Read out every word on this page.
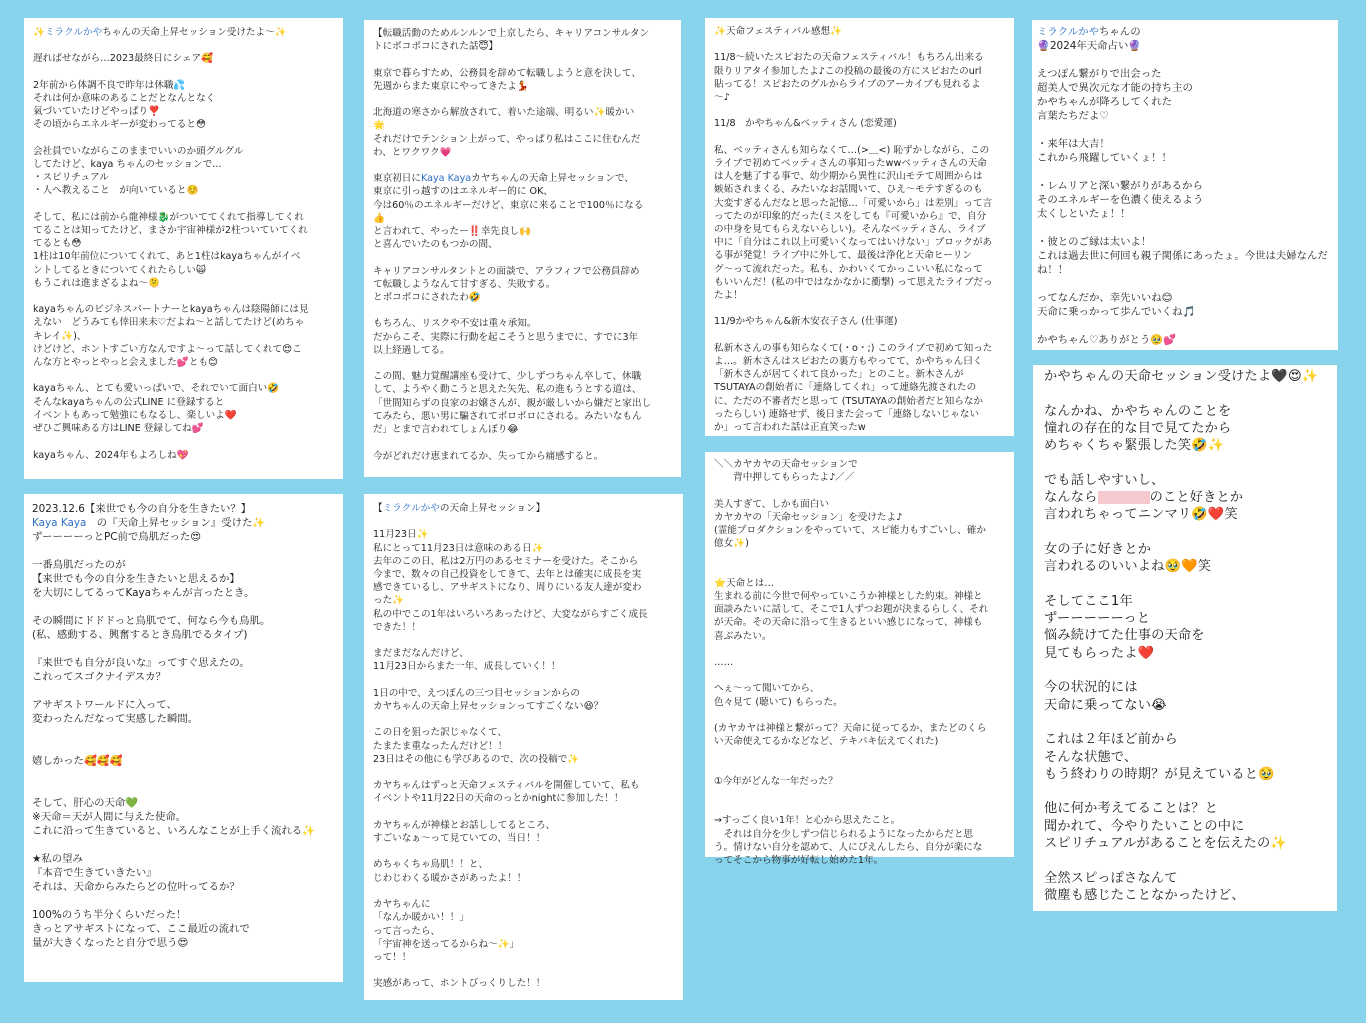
✨ミラクルかやちゃんの天命上昇セッション受けたよ〜✨

遅ればせながら…2023最終日にシェア🥰

2年前から体調不良で昨年は休職💦
それは何か意味のあることだとなんとなく
氣づいていたけどやっぱり❣️
その頃からエネルギーが変わってると😳

会社員でいながらこのままでいいのか頭グルグル
してたけど、kaya ちゃんのセッションで…
・スピリチュアル
・人へ教えること　が向いていると☺️

そして、私には前から龍神様🐉がついててくれて指導してくれ
てることは知ってたけど、まさか宇宙神様が2柱ついていてくれ
てるとも😳
1柱は10年前位についてくれて、あと1柱はkayaちゃんがイベ
ントしてるときについてくれたらしい🙀
もうこれは進まざるよね〜🫠

kayaちゃんのビジネスパートナーとkayaちゃんは陰陽師には見
えない　どうみても倖田来未♡だよね〜と話してたけど(めちゃ
キレイ✨)、
けどけど、ホントすごい方なんですよ〜って話してくれて😍こ
んな方とやっとやっと会えました💕とも😊

kayaちゃん、とても愛いっぱいで、それでいて面白い🤣
そんなkayaちゃんの公式LINE に登録すると
イベントもあって勉強にもなるし、楽しいよ❤️
ぜひご興味ある方はLINE 登録してね💕

kayaちゃん、2024年もよろしね💖
2023.12.6【来世でも今の自分を生きたい？】
Kaya Kaya　の『天命上昇セッション』受けた✨
ずーーーーっとPC前で鳥肌だった😍

一番鳥肌だったのが
【来世でも今の自分を生きたいと思えるか】
を大切にしてるってKayaちゃんが言ったとき。

その瞬間にドドドっと鳥肌でて、何なら今も鳥肌。
(私、感動する、興奮するとき鳥肌でるタイプ)

『来世でも自分が良いな』ってすぐ思えたの。
これってスゴクナイデスカ？

アサギストワールドに入って、
変わったんだなって実感した瞬間。

嬉しかった🥰🥰🥰

そして、肝心の天命💚
※天命＝天が人間に与えた使命。
これに沿って生きていると、いろんなことが上手く流れる✨

★私の望み
『本音で生きていきたい』
それは、天命からみたらどの位叶ってるか？

100%のうち半分くらいだった！
きっとアサギストになって、ここ最近の流れで
量が大きくなったと自分で思う😍
【転職活動のためルンルンで上京したら、キャリアコンサルタン
トにボコボコにされた話😇】

東京で暮らすため、公務員を辞めて転職しようと意を決して、
先週からまた東京にやってきたよ💃

北海道の寒さから解放されて、着いた途端、明るい✨暖かい
🌟
それだけでテンション上がって、やっぱり私はここに住むんだ
わ、とワクワク💗

東京初日にKaya Kayaカヤちゃんの天命上昇セッションで、
東京に引っ越すのはエネルギー的に OK、
今は60％のエネルギーだけど、東京に来ることで100％になる
👍
と言われて、やったー‼️幸先良し🙌
と喜んでいたのもつかの間、

キャリアコンサルタントとの面談で、アラフィフで公務員辞め
て転職しようなんて甘すぎる、失敗する。
とボコボコにされたわ🤣

もちろん、リスクや不安は重々承知。
だからこそ、実際に行動を起こそうと思うまでに、すでに3年
以上経過してる。

この間、魅力覚醒講座も受けて、少しずつちゃん卒して、休職
して、ようやく動こうと思えた矢先、私の進もうとする道は、
「世間知らずの良家のお嬢さんが、親が厳しいから嫌だと家出し
てみたら、悪い男に騙されてボロボロにされる。みたいなもん
だ」とまで言われてしょんぼり😂

今がどれだけ恵まれてるか、失ってから痛感すると。
【ミラクルかやの天命上昇セッション】

11月23日✨
私にとって11月23日は意味のある日✨
去年のこの日、私は2万円のあるセミナーを受けた。そこから
今まで、数々の自己投資をしてきて、去年とは確実に成長を実
感できているし、アサギストになり、周りにいる友人達が変わ
った✨
私の中でこの1年はいろいろあったけど、大変ながらすごく成長
できた！！

まだまだなんだけど、
11月23日からまた一年、成長していく！！

1日の中で、えつぽんの三つ目セッションからの
カヤちゃんの天命上昇セッションってすごくない😆？

この日を狙った訳じゃなくて、
たまたま重なったんだけど！！
23日はその他にも学びあるので、次の投稿で✨

カヤちゃんはずっと天命フェスティバルを開催していて、私も
イベントや11月22日の天命のっとかnightに参加した！！

カヤちゃんが神様とお話ししてるところ、
すごいなぁ〜って見ていての、当日！！

めちゃくちゃ鳥肌！！と、
じわじわくる暖かさがあったよ！！

カヤちゃんに
「なんか暖かい！！」
って言ったら、
「宇宙神を送ってるからね〜✨」
って！！

実感があって、ホントびっくりした！！
✨天命フェスティバル感想✨

11/8〜続いたスピおたの天命フェスティバル！もちろん出来る
限りリアタイ参加したよ♪この投稿の最後の方にスピおたのurl
貼ってる！スピおたのグルからライブのアーカイブも見れるよ
〜♪

11/8　かやちゃん&ベッティさん (恋愛運)

私、ベッティさんも知らなくて…(>＿<) 恥ずかしながら、この
ライブで初めてベッティさんの事知ったwwベッティさんの天命
は人を魅了する事で、幼少期から異性に沢山モテて周囲からは
嫉妬されまくる、みたいなお話聞いて、ひえ〜モテすぎるのも
大変すぎるんだなと思った記憶…「可愛いから」は差別」って言
ってたのが印象的だった(ミスをしても『可愛いから』で、自分
の中身を見てもらえないらしい)。そんなベッティさん、ライブ
中に「自分はこれ以上可愛いくなってはいけない」ブロックがあ
る事が発覚！ライブ中に外して、最後は浄化と天命ヒーリン
グ〜って流れだった。私も、かわいくてかっこいい私になって
もいいんだ！(私の中ではなかなかに衝撃) って思えたライブだっ
たよ！

11/9かやちゃん&新木安衣子さん (仕事運)

私新木さんの事も知らなくて(・o・;) このライブで初めて知った
よ…。新木さんはスピおたの裏方もやってて、かやちゃん曰く
「新木さんが居てくれて良かった」とのこと。新木さんが
TSUTAYAの創始者に「連絡してくれ」って連絡先渡されたの
に、ただの不審者だと思って (TSUTAYAの創始者だと知らなか
ったらしい) 連絡せず、後日また会って「連絡しないじゃない
か」って言われた話は正直笑ったw
＼＼カヤカヤの天命セッションで
　　背中押してもらったよ♪／／

美人すぎて、しかも面白い
カヤカヤの「天命セッション」を受けたよ♪
(霊能プロダクションをやっていて、スピ能力もすごいし、確か
億女✨)

⭐天命とは…
生まれる前に今世で何やっていこうか神様とした約束。神様と
面談みたいに話して、そこで1人ずつお題が決まるらしく、それ
が天命。その天命に沿って生きるといい感じになって、神様も
喜ぶみたい。

……

へぇ〜って聞いてから、
色々見て (聴いて) もらった。

(カヤカヤは神様と繋がって？天命に従ってるか、またどのくら
い天命使えてるかなどなど、テキパキ伝えてくれた)

①今年がどんな一年だった？

→すっごく良い1年！と心から思えたこと。
　それは自分を少しずつ信じられるようになったからだと思
う。情けない自分を認めて、人にぴえんしたら、自分が楽にな
ってそこから物事が好転し始めた1年。
ミラクルかやちゃんの
🔮2024年天命占い🔮

えつぽん繋がりで出会った
超美人で異次元な才能の持ち主の
かやちゃんが降ろしてくれた
言葉たちだよ♡

・来年は大吉！
これから飛躍していくょ！！

・レムリアと深い繋がりがあるから
そのエネルギーを色濃く使えるよう
太くしといたょ！！

・彼とのご縁は太いよ！
これは過去世に何回も親子関係にあったょ。今世は夫婦なんだ
ね！！

ってなんだか、幸先いいね😊
天命に乗っかって歩んでいくね🎵

かやちゃん♡ありがとう🥹💕
かやちゃんの天命セッション受けたよ🖤😍✨

なんかね、かやちゃんのことを
憧れの存在的な目で見てたから
めちゃくちゃ緊張した笑🤣✨

でも話しやすいし、
なんなら	のこと好きとか
言われちゃってニンマリ🤣❤️笑

女の子に好きとか
言われるのいいよね🥹🧡笑

そしてここ1年
ずーーーーーっと
悩み続けてた仕事の天命を
見てもらったよ❤️

今の状況的には
天命に乗ってない😭

これは２年ほど前から
そんな状態で、
もう終わりの時期？が見えていると🥹

他に何か考えてることは？と
聞かれて、今やりたいことの中に
スピリチュアルがあることを伝えたの✨

全然スピっぽさなんて
微塵も感じたことなかったけど、
